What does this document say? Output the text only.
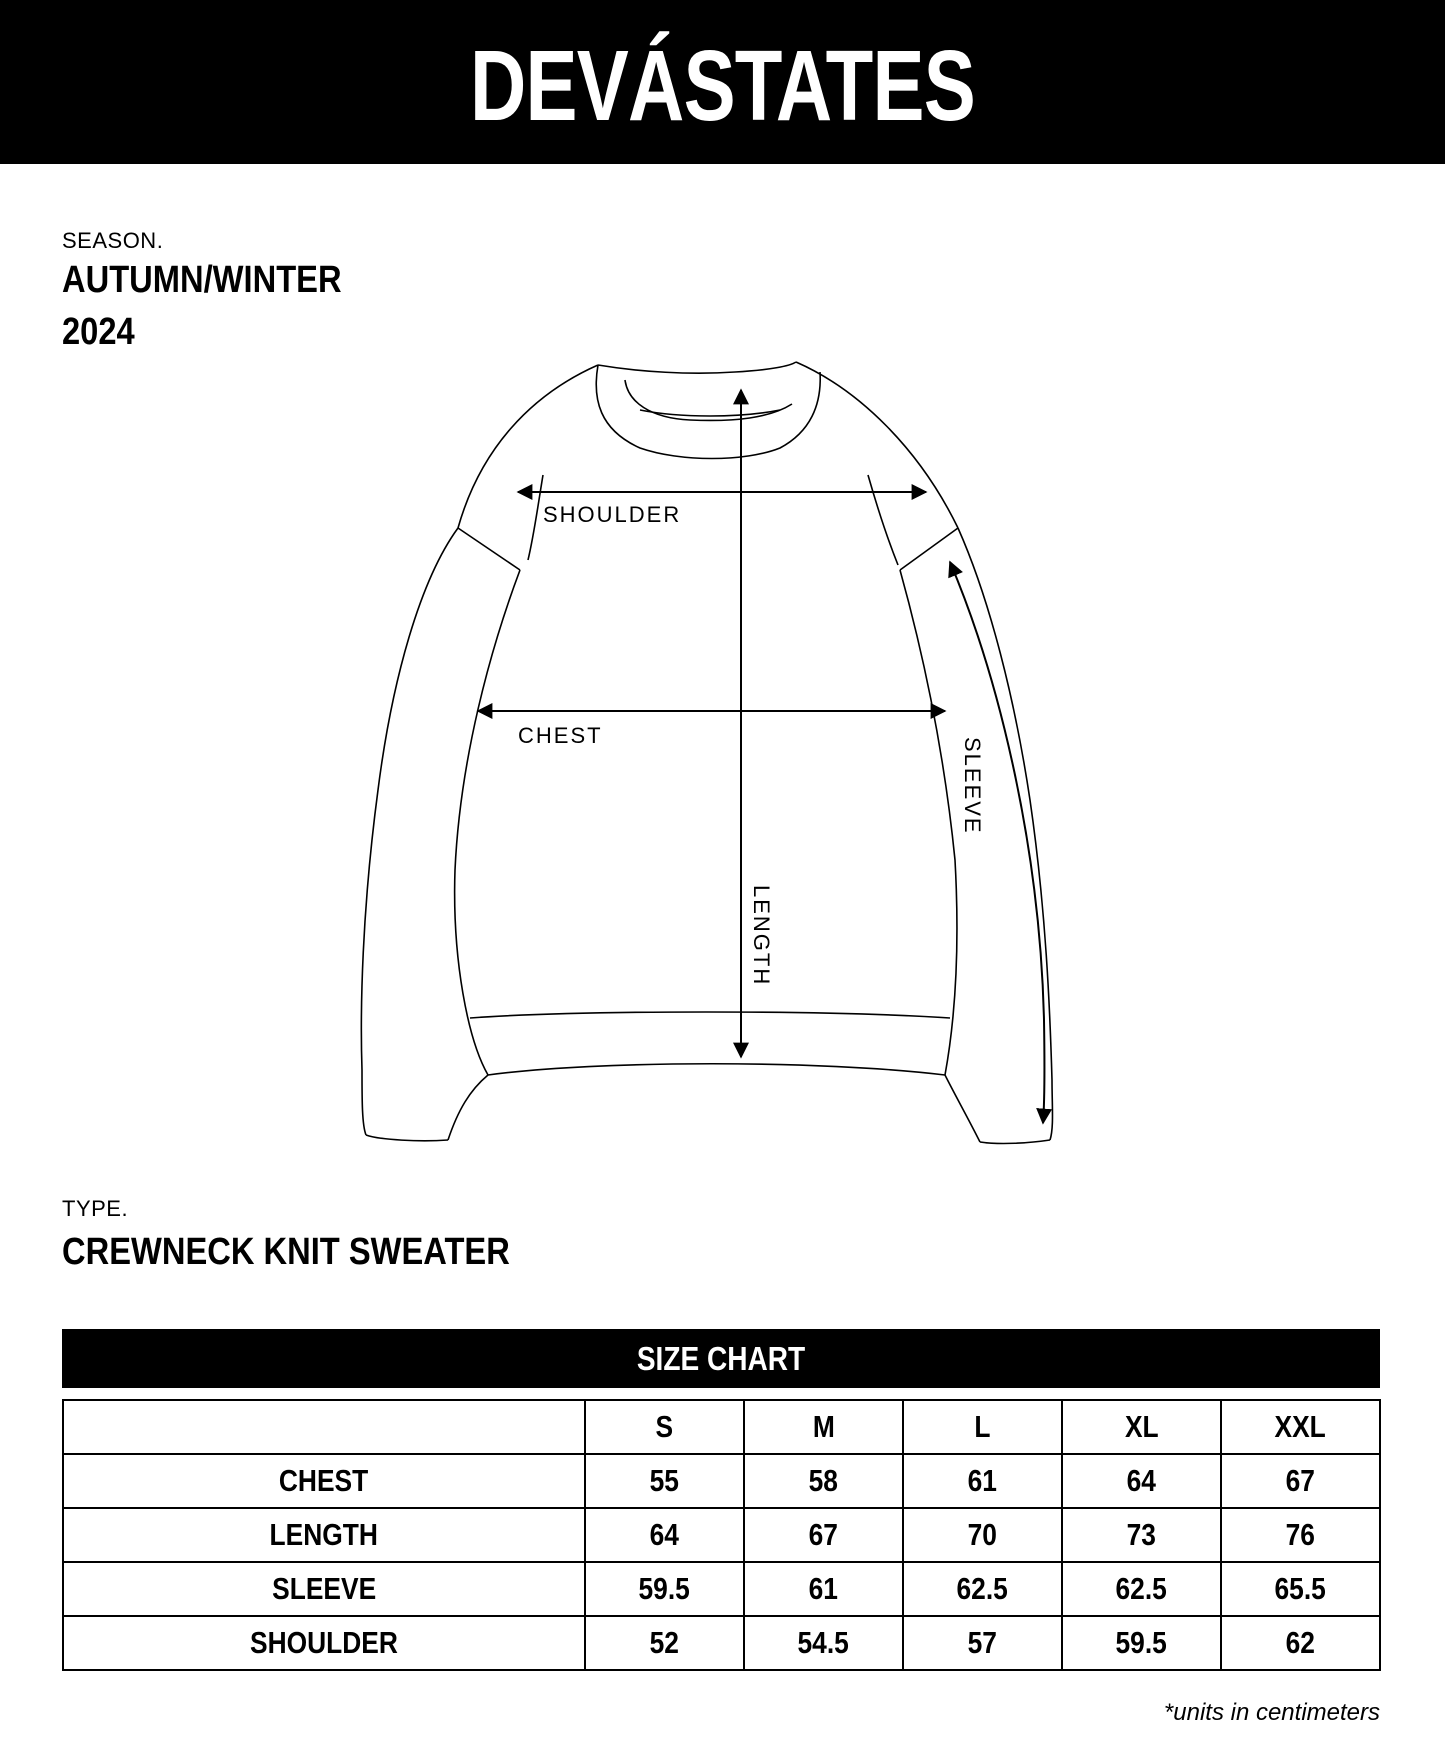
DEVÁSTATES
SEASON.
AUTUMN/WINTER
2024
SHOULDER
CHEST
SLEEVE
LENGTH
TYPE.
CREWNECK KNIT SWEATER
SIZE CHART
	S	M	L	XL	XXL
CHEST	55	58	61	64	67
LENGTH	64	67	70	73	76
SLEEVE	59.5	61	62.5	62.5	65.5
SHOULDER	52	54.5	57	59.5	62
*units in centimeters
